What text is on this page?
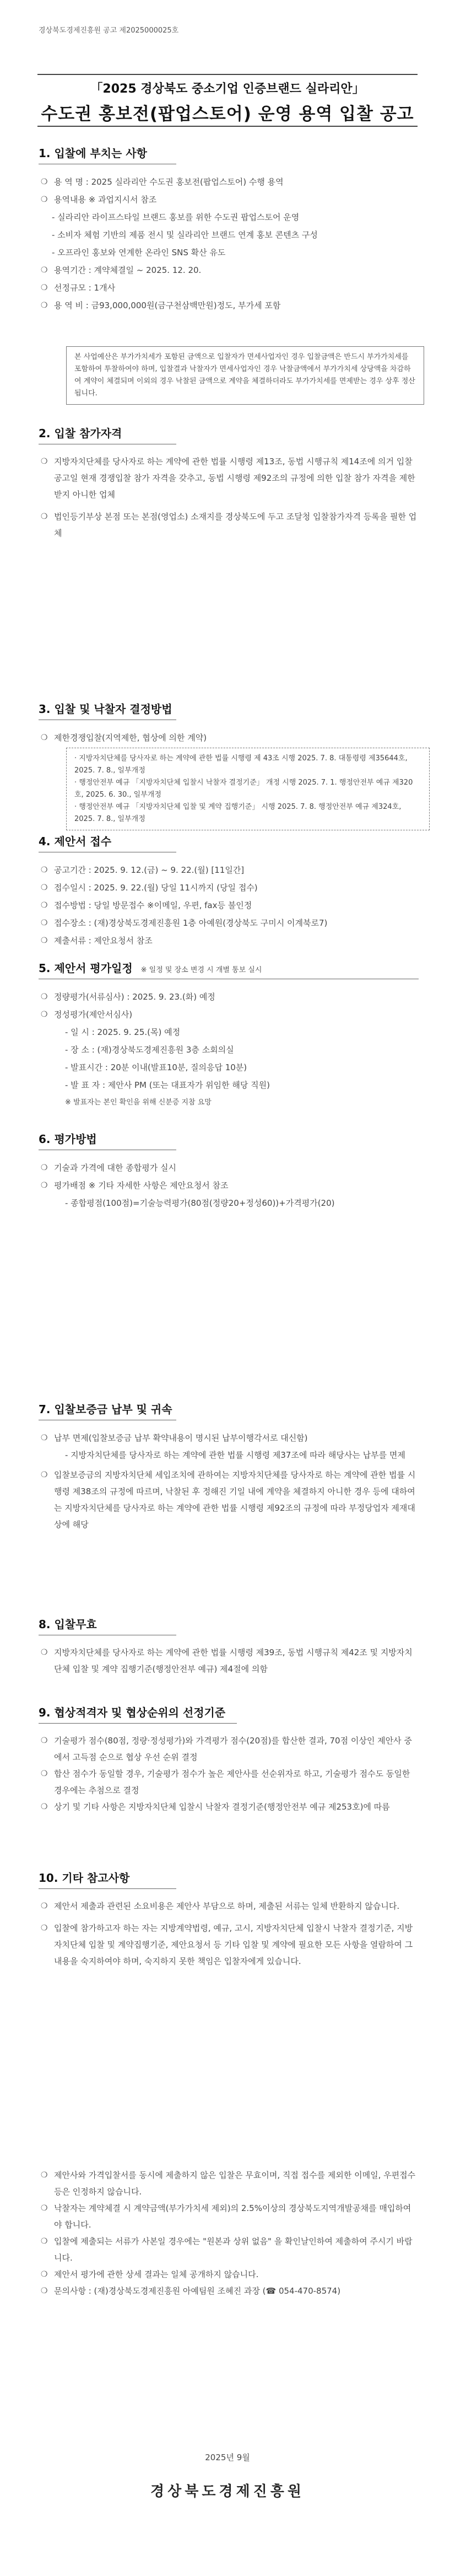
경상북도경제진흥원 공고 제2025000025호
「2025 경상북도 중소기업 인증브랜드 실라리안」
수도권 홍보전(팝업스토어) 운영 용역 입찰 공고
1. 입찰에 부치는 사항
❍ 용 역 명 : 2025 실라리안 수도권 홍보전(팝업스토어) 수행 용역
❍ 용역내용 ※ 과업지시서 참조
- 실라리안 라이프스타일 브랜드 홍보를 위한 수도권 팝업스토어 운영
- 소비자 체험 기반의 제품 전시 및 실라리안 브랜드 연계 홍보 콘텐츠 구성
- 오프라인 홍보와 연계한 온라인 SNS 확산 유도
❍ 용역기간 : 계약체결일 ~ 2025. 12. 20.
❍ 선정규모 : 1개사
❍ 용 역 비 : 금93,000,000원(금구천삼백만원)정도, 부가세 포함
본 사업예산은 부가가치세가 포함된 금액으로 입찰자가 면세사업자인 경우 입찰금액은 반드시 부가가치세를 포함하여 투찰하여야 하며, 입찰결과 낙찰자가 면세사업자인 경우 낙찰금액에서 부가가치세 상당액을 차감하여 계약이 체결되며 이외의 경우 낙찰된 금액으로 계약을 체결하더라도 부가가치세를 면제받는 경우 상후 정산됩니다.
2. 입찰 참가자격
❍ 지방자치단체를 당사자로 하는 계약에 관한 법률 시행령 제13조, 동법 시행규칙 제14조에 의거 입찰공고일 현재 경쟁입찰 참가 자격을 갖추고, 동법 시행령 제92조의 규정에 의한 입찰 참가 자격을 제한받지 아니한 업체
❍ 법인등기부상 본점 또는 본점(영업소) 소재지를 경상북도에 두고 조달청 입찰참가자격 등록을 필한 업체
3. 입찰 및 낙찰자 결정방법
❍ 제한경쟁입찰(지역제한, 협상에 의한 계약)
· 지방자치단체를 당사자로 하는 계약에 관한 법률 시행령 제 43조 시행 2025. 7. 8. 대통령령 제35644호, 2025. 7. 8., 일부개정
· 행정안전부 예규 「지방자치단체 입찰시 낙찰자 결정기준」 개정 시행 2025. 7. 1. 행정안전부 예규 제320호, 2025. 6. 30., 일부개정
· 행정안전부 예규 「지방자치단체 입찰 및 계약 집행기준」 시행 2025. 7. 8. 행정안전부 예규 제324호, 2025. 7. 8., 일부개정
4. 제안서 접수
❍ 공고기간 : 2025. 9. 12.(금) ~ 9. 22.(월) [11일간]
❍ 접수일시 : 2025. 9. 22.(월) 당일 11시까지 (당일 접수)
❍ 접수방법 : 당일 방문접수 ※이메일, 우편, fax등 불인정
❍ 접수장소 : (재)경상북도경제진흥원 1층 아예원(경상북도 구미시 이계북로7)
❍ 제출서류 : 제안요청서 참조
5. 제안서 평가일정 ※ 일정 및 장소 변경 시 개별 통보 실시
❍ 정량평가(서류심사) : 2025. 9. 23.(화) 예정
❍ 정성평가(제안서심사)
- 일 시 : 2025. 9. 25.(목) 예정
- 장 소 : (재)경상북도경제진흥원 3층 소회의실
- 발표시간 : 20분 이내(발표10분, 질의응답 10분)
- 발 표 자 : 제안사 PM (또는 대표자가 위임한 해당 직원)
※ 발표자는 본인 확인을 위해 신분증 지참 요망
6. 평가방법
❍ 기술과 가격에 대한 종합평가 실시
❍ 평가배점 ※ 기타 자세한 사항은 제안요청서 참조
- 종합평점(100점)=기술능력평가(80점(정량20+정성60))+가격평가(20)
7. 입찰보증금 납부 및 귀속
❍ 납부 면제(입찰보증금 납부 확약내용이 명시된 납부이행각서로 대신함)
- 지방자치단체를 당사자로 하는 계약에 관한 법률 시행령 제37조에 따라 해당사는 납부를 면제
❍ 입찰보증금의 지방자치단체 세입조치에 관하여는 지방자치단체를 당사자로 하는 계약에 관한 법률 시행령 제38조의 규정에 따르며, 낙찰된 후 정해진 기일 내에 계약을 체결하지 아니한 경우 등에 대하여는 지방자치단체를 당사자로 하는 계약에 관한 법률 시행령 제92조의 규정에 따라 부정당업자 제재대상에 해당
8. 입찰무효
❍ 지방자치단체를 당사자로 하는 계약에 관한 법률 시행령 제39조, 동법 시행규칙 제42조 및 지방자치단체 입찰 및 계약 집행기준(행정안전부 예규) 제4절에 의함
9. 협상적격자 및 협상순위의 선정기준
❍ 기술평가 점수(80점, 정량·정성평가)와 가격평가 점수(20점)를 합산한 결과, 70점 이상인 제안사 중에서 고득점 순으로 협상 우선 순위 결정
❍ 합산 점수가 동일할 경우, 기술평가 점수가 높은 제안사를 선순위자로 하고, 기술평가 점수도 동일한 경우에는 추첨으로 결정
❍ 상기 및 기타 사항은 지방자치단체 입찰시 낙찰자 결정기준(행정안전부 예규 제253호)에 따름
10. 기타 참고사항
❍ 제안서 제출과 관련된 소요비용은 제안사 부담으로 하며, 제출된 서류는 일체 반환하지 않습니다.
❍ 입찰에 참가하고자 하는 자는 지방계약법령, 예규, 고시, 지방자치단체 입찰시 낙찰자 결정기준, 지방자치단체 입찰 및 계약집행기준, 제안요청서 등 기타 입찰 및 계약에 필요한 모든 사항을 열람하여 그 내용을 숙지하여야 하며, 숙지하지 못한 책임은 입찰자에게 있습니다.
❍ 제안사와 가격입찰서를 동시에 제출하지 않은 입찰은 무효이며, 직접 접수를 제외한 이메일, 우편접수 등은 인정하지 않습니다.
❍ 낙찰자는 계약체결 시 계약금액(부가가치세 제외)의 2.5%이상의 경상북도지역개발공채를 매입하여야 합니다.
❍ 입찰에 제출되는 서류가 사본일 경우에는 "원본과 상위 없음" 을 확인날인하여 제출하여 주시기 바랍니다.
❍ 제안서 평가에 관한 상세 결과는 일체 공개하지 않습니다.
❍ 문의사항 : (재)경상북도경제진흥원 아예팀원 조혜진 과장 (☎ 054-470-8574)
2025년 9월
경상북도경제진흥원
